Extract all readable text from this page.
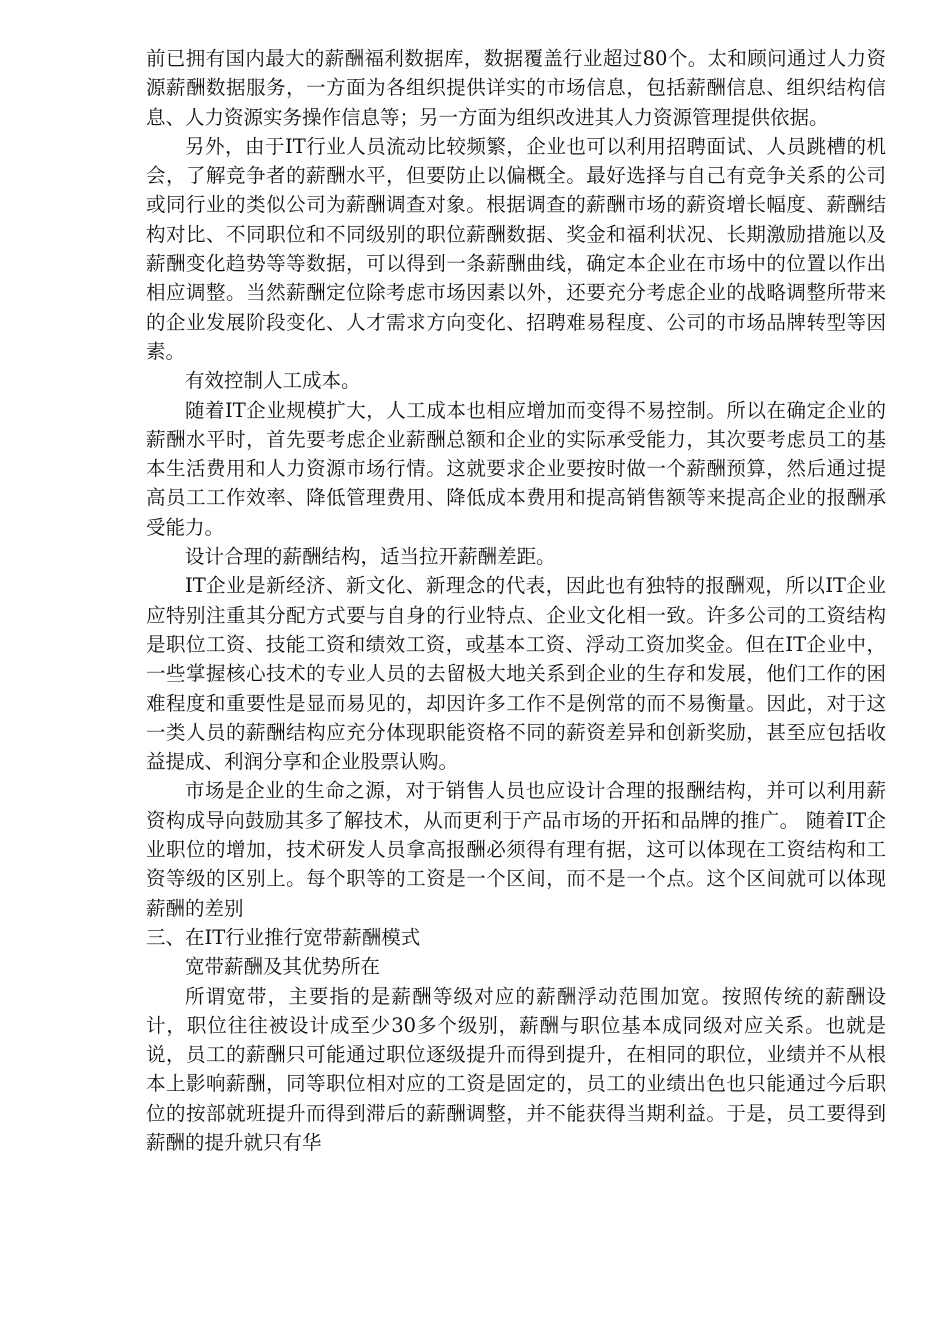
前已拥有国内最大的薪酬福利数据库，数据覆盖行业超过80个。太和顾问通过人力资源薪酬数据服务，一方面为各组织提供详实的市场信息，包括薪酬信息、组织结构信息、人力资源实务操作信息等；另一方面为组织改进其人力资源管理提供依据。

另外，由于IT行业人员流动比较频繁，企业也可以利用招聘面试、人员跳槽的机会，了解竞争者的薪酬水平，但要防止以偏概全。最好选择与自己有竞争关系的公司或同行业的类似公司为薪酬调查对象。根据调查的薪酬市场的薪资增长幅度、薪酬结构对比、不同职位和不同级别的职位薪酬数据、奖金和福利状况、长期激励措施以及薪酬变化趋势等等数据，可以得到一条薪酬曲线，确定本企业在市场中的位置以作出相应调整。当然薪酬定位除考虑市场因素以外，还要充分考虑企业的战略调整所带来的企业发展阶段变化、人才需求方向变化、招聘难易程度、公司的市场品牌转型等因素。

有效控制人工成本。

随着IT企业规模扩大，人工成本也相应增加而变得不易控制。所以在确定企业的薪酬水平时，首先要考虑企业薪酬总额和企业的实际承受能力，其次要考虑员工的基本生活费用和人力资源市场行情。这就要求企业要按时做一个薪酬预算，然后通过提高员工工作效率、降低管理费用、降低成本费用和提高销售额等来提高企业的报酬承受能力。

设计合理的薪酬结构，适当拉开薪酬差距。

IT企业是新经济、新文化、新理念的代表，因此也有独特的报酬观，所以IT企业应特别注重其分配方式要与自身的行业特点、企业文化相一致。许多公司的工资结构是职位工资、技能工资和绩效工资，或基本工资、浮动工资加奖金。但在IT企业中，一些掌握核心技术的专业人员的去留极大地关系到企业的生存和发展，他们工作的困难程度和重要性是显而易见的，却因许多工作不是例常的而不易衡量。因此，对于这一类人员的薪酬结构应充分体现职能资格不同的薪资差异和创新奖励，甚至应包括收益提成、利润分享和企业股票认购。

市场是企业的生命之源，对于销售人员也应设计合理的报酬结构，并可以利用薪资构成导向鼓励其多了解技术，从而更利于产品市场的开拓和品牌的推广。 随着IT企业职位的增加，技术研发人员拿高报酬必须得有理有据，这可以体现在工资结构和工资等级的区别上。每个职等的工资是一个区间，而不是一个点。这个区间就可以体现薪酬的差别

三、在IT行业推行宽带薪酬模式

宽带薪酬及其优势所在

所谓宽带，主要指的是薪酬等级对应的薪酬浮动范围加宽。按照传统的薪酬设计，职位往往被设计成至少30多个级别，薪酬与职位基本成同级对应关系。也就是说，员工的薪酬只可能通过职位逐级提升而得到提升，在相同的职位，业绩并不从根本上影响薪酬，同等职位相对应的工资是固定的，员工的业绩出色也只能通过今后职位的按部就班提升而得到滞后的薪酬调整，并不能获得当期利益。于是，员工要得到薪酬的提升就只有华
